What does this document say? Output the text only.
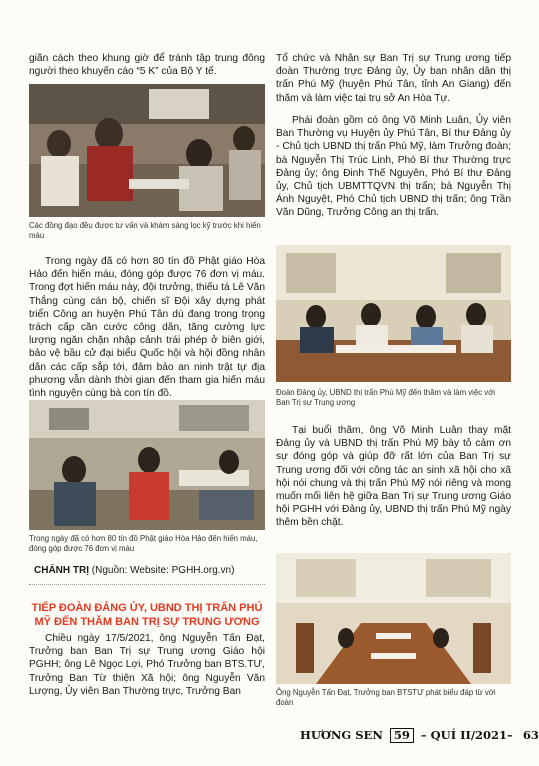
giãn cách theo khung giờ để tránh tập trung đông người theo khuyến cáo “5 K” của Bộ Y tế.

Các đồng đạo đều được tư vấn và khám sàng lọc kỹ trước khi hiến máu

Trong ngày đã có hơn 80 tín đồ Phật giáo Hòa Hảo đến hiến máu, đóng góp được 76 đơn vị máu. Trong đợt hiến máu này, đội trưởng, thiếu tá Lê Văn Thắng cùng cán bộ, chiến sĩ Đội xây dựng phát triển Công an huyện Phú Tân dù đang trong trọng trách cấp căn cước công dân, tăng cường lực lượng ngăn chặn nhập cảnh trái phép ở biên giới, bảo vệ bầu cử đại biểu Quốc hội và hội đồng nhân dân các cấp sắp tới, đảm bảo an ninh trật tự địa phương vẫn dành thời gian đến tham gia hiến máu tình nguyện cùng bà con tín đồ.

Trong ngày đã có hơn 80 tín đồ Phật giáo Hòa Hảo đến hiến máu, đóng góp được 76 đơn vị máu

CHÁNH TRỊ (Nguồn: Website: PGHH.org.vn)

TIẾP ĐOÀN ĐẢNG ỦY, UBND THỊ TRẤN PHÚ MỸ ĐẾN THĂM BAN TRỊ SỰ TRUNG ƯƠNG

Chiều ngày 17/5/2021, ông Nguyễn Tấn Đạt, Trưởng ban Ban Trị sự Trung ương Giáo hội PGHH; ông Lê Ngọc Lợi, Phó Trưởng ban BTS.TƯ, Trưởng Ban Từ thiện Xã hội; ông Nguyễn Văn Lượng, Ủy viên Ban Thường trực, Trưởng Ban

Tổ chức và Nhân sự Ban Trị sự Trung ương tiếp đoàn Thường trực Đảng ủy, Ủy ban nhân dân thị trấn Phú Mỹ (huyện Phú Tân, tỉnh An Giang) đến thăm và làm việc tại trụ sở An Hòa Tự.

Phái đoàn gồm có ông Võ Minh Luân, Ủy viên Ban Thường vụ Huyện ủy Phú Tân, Bí thư Đảng ủy - Chủ tịch UBND thị trấn Phú Mỹ, làm Trưởng đoàn; bà Nguyễn Thị Trúc Linh, Phó Bí thư Thường trực Đảng ủy; ông Đinh Thế Nguyên, Phó Bí thư Đảng ủy, Chủ tịch UBMTTQVN thị trấn; bà Nguyễn Thị Ánh Nguyệt, Phó Chủ tịch UBND thị trấn; ông Trần Văn Dũng, Trưởng Công an thị trấn.

Đoàn Đảng ủy, UBND thị trấn Phú Mỹ đến thăm và làm việc với Ban Trị sự Trung ương

Tại buổi thăm, ông Võ Minh Luân thay mặt Đảng ủy và UBND thị trấn Phú Mỹ bày tỏ cảm ơn sự đóng góp và giúp đỡ rất lớn của Ban Trị sự Trung ương đối với công tác an sinh xã hội cho xã hội nói chung và thị trấn Phú Mỹ nói riêng và mong muốn mối liên hệ giữa Ban Trị sự Trung ương Giáo hội PGHH với Đảng ủy, UBND thị trấn Phú Mỹ ngày thêm bền chặt.

Ông Nguyễn Tấn Đạt, Trưởng ban BTSTƯ phát biểu đáp từ với đoàn

HƯƠNG SEN 59 – QUÍ II/2021– 63
